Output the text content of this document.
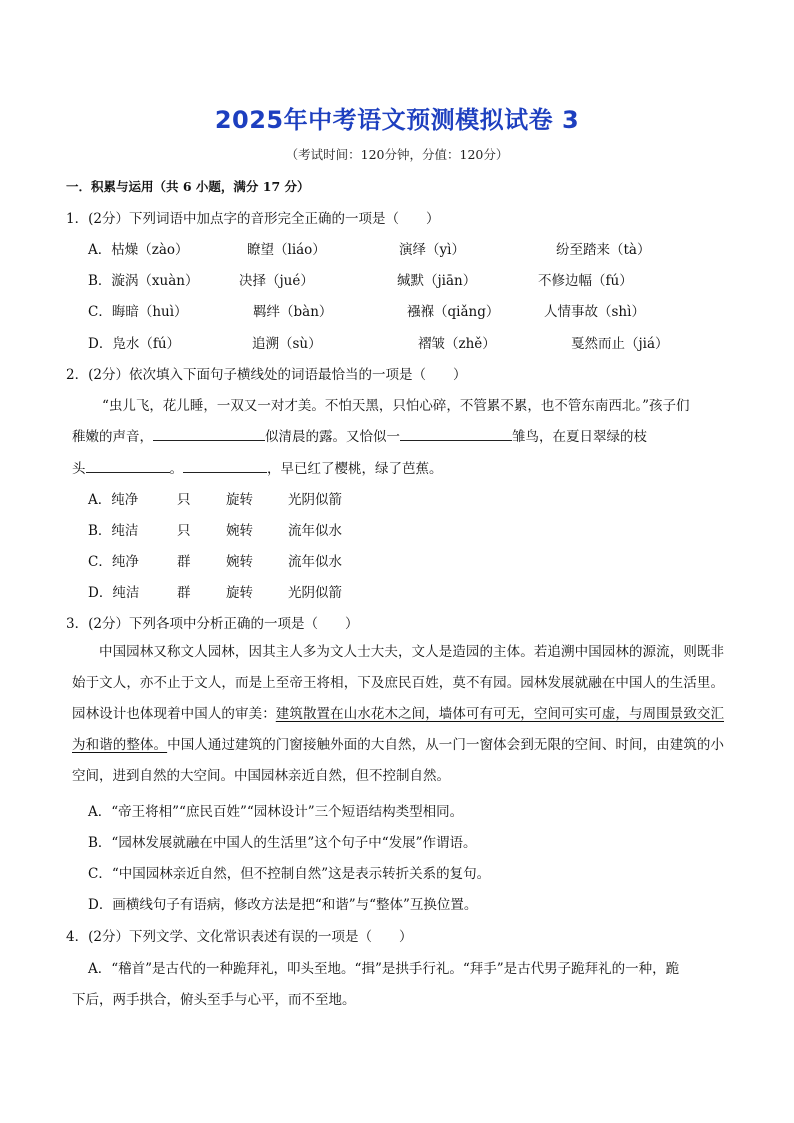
2025年中考语文预测模拟试卷 3
（考试时间：120分钟，分值：120分）
一．积累与运用（共 6 小题，满分 17 分）
1．(2分）下列词语中加点字的音形完全正确的一项是（　　）
A．枯燥（zào）	瞭望（liáo）	演绎（yì）	纷至踏来（tà）
B．漩涡（xuàn）	决择（jué）	缄默（jiān）	不修边幅（fú）
C．晦暗（huì）	羁绊（bàn）	襁褓（qiǎng）	人情事故（shì）
D．凫水（fú）	追溯（sù）	褶皱（zhě）	戛然而止（jiá）
2．(2分）依次填入下面句子横线处的词语最恰当的一项是（　　）
“虫儿飞，花儿睡，一双又一对才美。不怕天黑，只怕心碎，不管累不累，也不管东南西北。”孩子们
稚嫩的声音，	似清晨的露。又恰似一	雏鸟，在夏日翠绿的枝
头	。	，早已红了樱桃，绿了芭蕉。
A．纯净	只	旋转	光阴似箭
B．纯洁	只	婉转	流年似水
C．纯净	群	婉转	流年似水
D．纯洁	群	旋转	光阴似箭
3．(2分）下列各项中分析正确的一项是（　　）
中国园林又称文人园林，因其主人多为文人士大夫，文人是造园的主体。若追溯中国园林的源流，则既非始于文人，亦不止于文人，而是上至帝王将相，下及庶民百姓，莫不有园。园林发展就融在中国人的生活里。园林设计也体现着中国人的审美：建筑散置在山水花木之间，墙体可有可无，空间可实可虚，与周围景致交汇为和谐的整体。中国人通过建筑的门窗接触外面的大自然，从一门一窗体会到无限的空间、时间，由建筑的小空间，进到自然的大空间。中国园林亲近自然，但不控制自然。
A．“帝王将相”“庶民百姓”“园林设计”三个短语结构类型相同。
B．“园林发展就融在中国人的生活里”这个句子中“发展”作谓语。
C．“中国园林亲近自然，但不控制自然”这是表示转折关系的复句。
D．画横线句子有语病，修改方法是把“和谐”与“整体”互换位置。
4．(2分）下列文学、文化常识表述有误的一项是（　　）
A．“稽首”是古代的一种跪拜礼，叩头至地。“揖”是拱手行礼。“拜手”是古代男子跪拜礼的一种，跪
下后，两手拱合，俯头至手与心平，而不至地。
